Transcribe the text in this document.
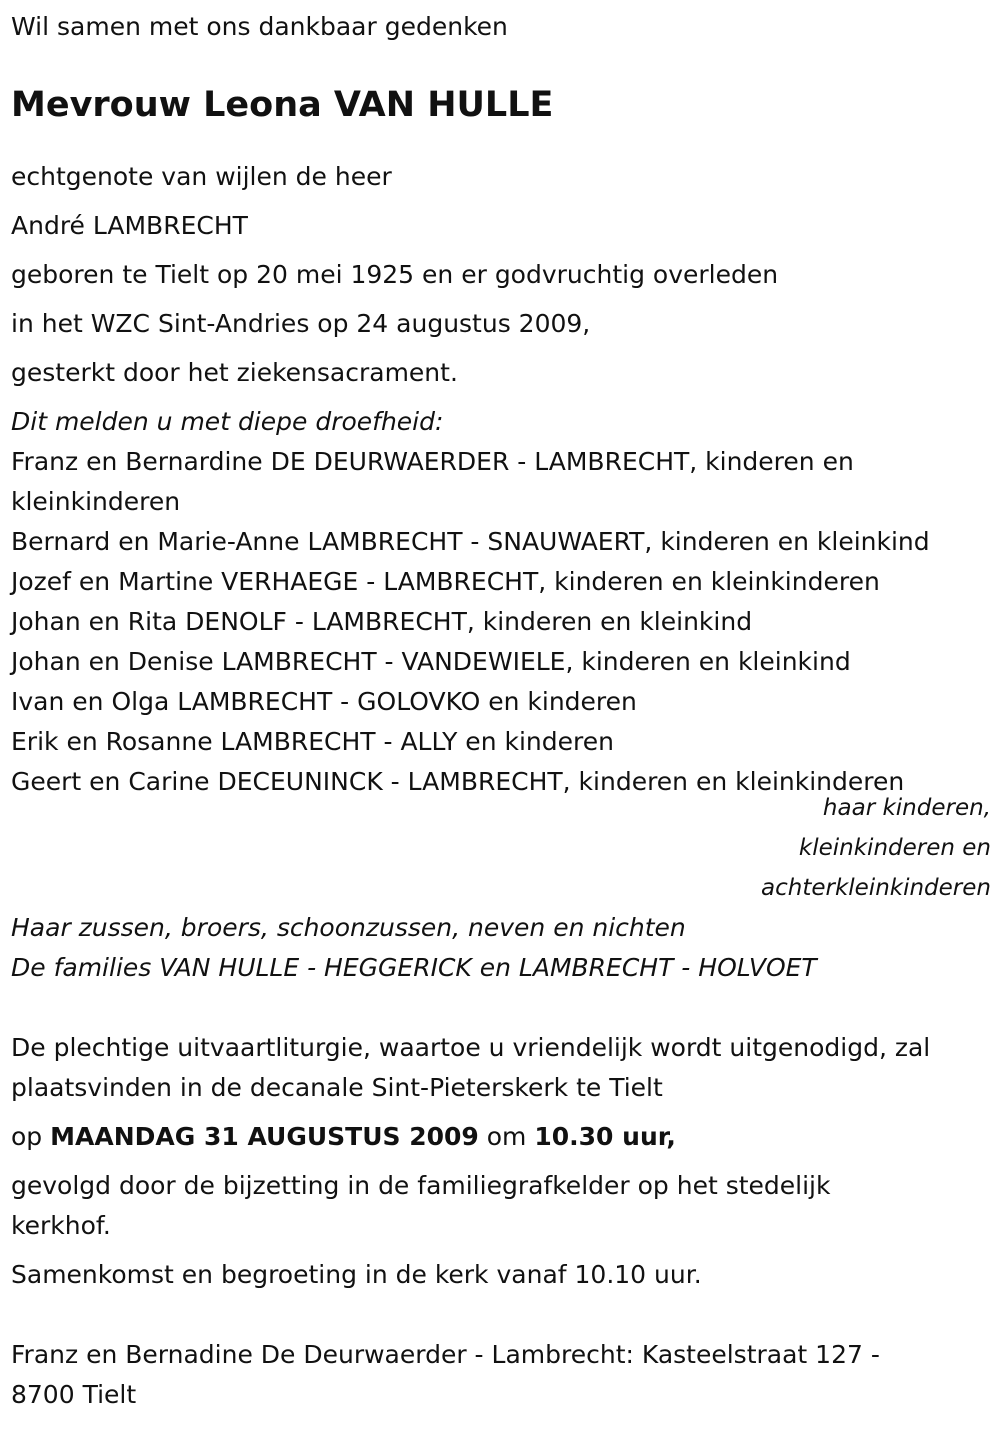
Wil samen met ons dankbaar gedenken
Mevrouw Leona VAN HULLE
echtgenote van wijlen de heer
André LAMBRECHT
geboren te Tielt op 20 mei 1925 en er godvruchtig overleden
in het WZC Sint-Andries op 24 augustus 2009,
gesterkt door het ziekensacrament.
Dit melden u met diepe droefheid:
Franz en Bernardine DE DEURWAERDER - LAMBRECHT, kinderen en kleinkinderen
Bernard en Marie-Anne LAMBRECHT - SNAUWAERT, kinderen en kleinkind
Jozef en Martine VERHAEGE - LAMBRECHT, kinderen en kleinkinderen
Johan en Rita DENOLF - LAMBRECHT, kinderen en kleinkind
Johan en Denise LAMBRECHT - VANDEWIELE, kinderen en kleinkind
Ivan en Olga LAMBRECHT - GOLOVKO en kinderen
Erik en Rosanne LAMBRECHT - ALLY en kinderen
Geert en Carine DECEUNINCK - LAMBRECHT, kinderen en kleinkinderen
haar kinderen,
kleinkinderen en
achterkleinkinderen
Haar zussen, broers, schoonzussen, neven en nichten
De families VAN HULLE - HEGGERICK en LAMBRECHT - HOLVOET
De plechtige uitvaartliturgie, waartoe u vriendelijk wordt uitgenodigd, zal plaatsvinden in de decanale Sint-Pieterskerk te Tielt
op MAANDAG 31 AUGUSTUS 2009 om 10.30 uur,
gevolgd door de bijzetting in de familiegrafkelder op het stedelijk kerkhof.
Samenkomst en begroeting in de kerk vanaf 10.10 uur.
Franz en Bernadine De Deurwaerder - Lambrecht: Kasteelstraat 127 - 8700 Tielt
